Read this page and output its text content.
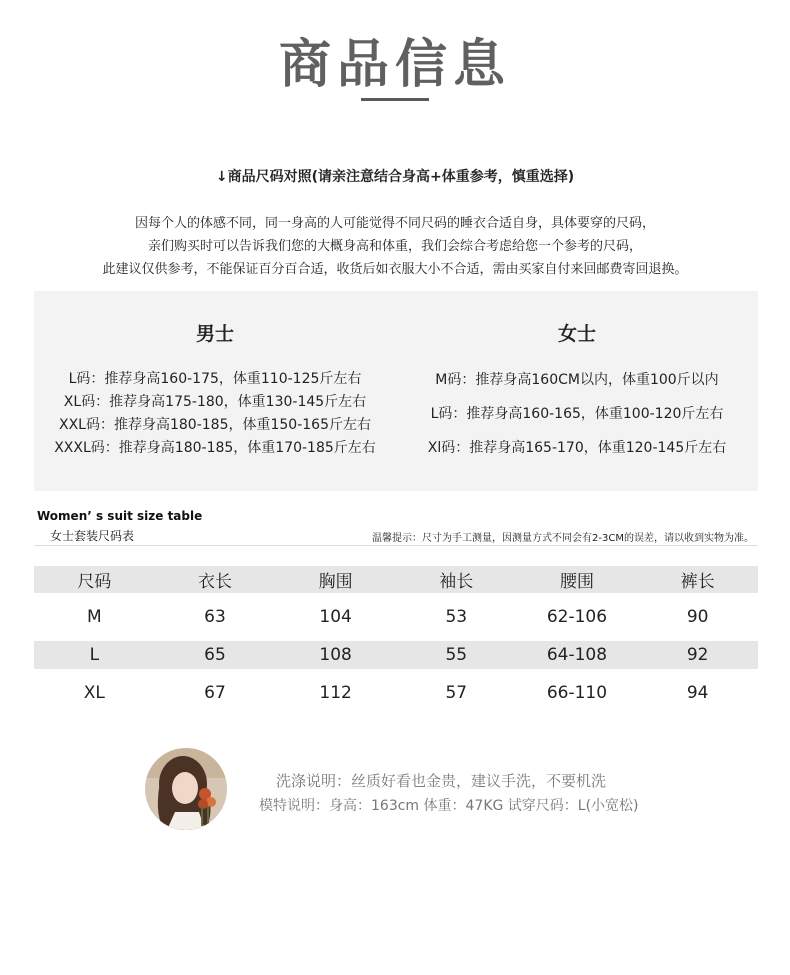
商品信息
↓商品尺码对照(请亲注意结合身高+体重参考，慎重选择)
因每个人的体感不同，同一身高的人可能觉得不同尺码的睡衣合适自身，具体要穿的尺码，
亲们购买时可以告诉我们您的大概身高和体重，我们会综合考虑给您一个参考的尺码，
此建议仅供参考，不能保证百分百合适，收货后如衣服大小不合适，需由买家自付来回邮费寄回退换。
男士
L码：推荐身高160-175，体重110-125斤左右
XL码：推荐身高175-180，体重130-145斤左右
XXL码：推荐身高180-185，体重150-165斤左右
XXXL码：推荐身高180-185，体重170-185斤左右
女士
M码：推荐身高160CM以内，体重100斤以内
L码：推荐身高160-165，体重100-120斤左右
Xl码：推荐身高165-170，体重120-145斤左右
Women’ s suit size table
女士套装尺码表	温馨提示：尺寸为手工测量，因测量方式不同会有2-3CM的误差，请以收到实物为准。
尺码	衣长	胸围	袖长	腰围	裤长

M	63	104	53	62-106	90

L	65	108	55	64-108	92

XL	67	112	57	66-110	94
洗涤说明：丝质好看也金贵，建议手洗，不要机洗
模特说明：身高：163cm 体重：47KG 试穿尺码：L(小宽松)
